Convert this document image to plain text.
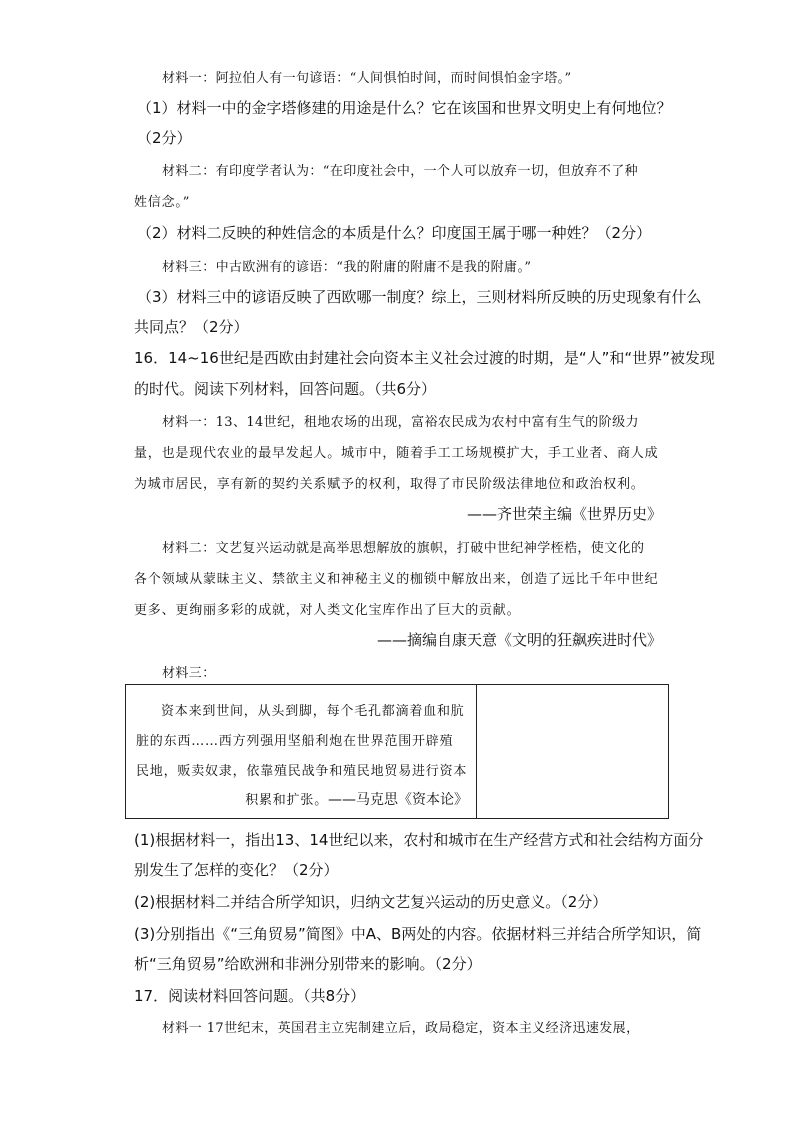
材料一：阿拉伯人有一句谚语：“人间惧怕时间，而时间惧怕金字塔。”
（1）材料一中的金字塔修建的用途是什么？它在该国和世界文明史上有何地位？
（2分）
材料二：有印度学者认为：“在印度社会中，一个人可以放弃一切，但放弃不了种
姓信念。”
（2）材料二反映的种姓信念的本质是什么？印度国王属于哪一种姓？（2分）
材料三：中古欧洲有的谚语：“我的附庸的附庸不是我的附庸。”
（3）材料三中的谚语反映了西欧哪一制度？综上，三则材料所反映的历史现象有什么
共同点？（2分）
16．14~16世纪是西欧由封建社会向资本主义社会过渡的时期，是“人”和“世界”被发现
的时代。阅读下列材料，回答问题。（共6分）
材料一：13、14世纪，租地农场的出现，富裕农民成为农村中富有生气的阶级力
量，也是现代农业的最早发起人。城市中，随着手工工场规模扩大，手工业者、商人成
为城市居民，享有新的契约关系赋予的权利，取得了市民阶级法律地位和政治权利。
——齐世荣主编《世界历史》
材料二：文艺复兴运动就是高举思想解放的旗帜，打破中世纪神学桎梏，使文化的
各个领域从蒙昧主义、禁欲主义和神秘主义的枷锁中解放出来，创造了远比千年中世纪
更多、更绚丽多彩的成就，对人类文化宝库作出了巨大的贡献。
——摘编自康天意《文明的狂飙疾进时代》
材料三：
资本来到世间，从头到脚，每个毛孔都滴着血和肮
脏的东西……西方列强用坚船利炮在世界范围开辟殖
民地，贩卖奴隶，依靠殖民战争和殖民地贸易进行资本
积累和扩张。——马克思《资本论》
(1)根据材料一，指出13、14世纪以来，农村和城市在生产经营方式和社会结构方面分
别发生了怎样的变化？（2分）
(2)根据材料二并结合所学知识，归纳文艺复兴运动的历史意义。（2分）
(3)分别指出《“三角贸易”简图》中A、B两处的内容。依据材料三并结合所学知识，简
析“三角贸易”给欧洲和非洲分别带来的影响。（2分）
17．阅读材料回答问题。（共8分）
材料一 17世纪末，英国君主立宪制建立后，政局稳定，资本主义经济迅速发展，
